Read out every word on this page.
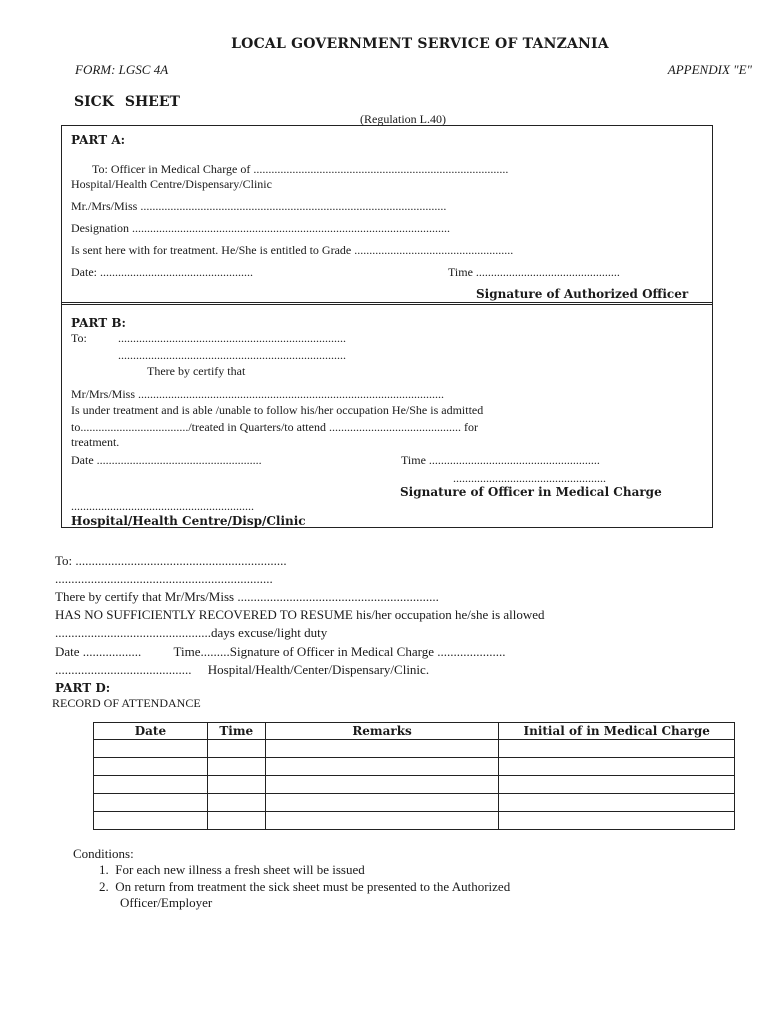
LOCAL GOVERNMENT SERVICE OF TANZANIA
FORM: LGSC 4A	APPENDIX "E"
SICK SHEET
(Regulation L.40)
PART A:
To: Officer in Medical Charge of .....................................................................................
Hospital/Health Centre/Dispensary/Clinic
Mr./Mrs/Miss ......................................................................................................
Designation ..........................................................................................................
Is sent here with for treatment. He/She is entitled to Grade .....................................................
Date: ...................................................	Time ................................................
Signature of Authorized Officer
PART B:
To:	............................................................................
............................................................................
There by certify that
Mr/Mrs/Miss ......................................................................................................
Is under treatment and is able /unable to follow his/her occupation He/She is admitted
to..................................../treated in Quarters/to attend ............................................ for
treatment.
Date .......................................................	Time .........................................................
...................................................
Signature of Officer in Medical Charge
.............................................................
Hospital/Health Centre/Disp/Clinic
To: .................................................................
...................................................................
There by certify that Mr/Mrs/Miss ..............................................................
HAS NO SUFFICIENTLY RECOVERED TO RESUME his/her occupation he/she is allowed
................................................days excuse/light duty
Date ..................          Time.........Signature of Officer in Medical Charge .....................
..........................................     Hospital/Health/Center/Dispensary/Clinic.
PART D:
RECORD OF ATTENDANCE
Date	Time	Remarks	Initial of in Medical Charge

Conditions:
1.  For each new illness a fresh sheet will be issued
2.  On return from treatment the sick sheet must be presented to the Authorized
Officer/Employer
